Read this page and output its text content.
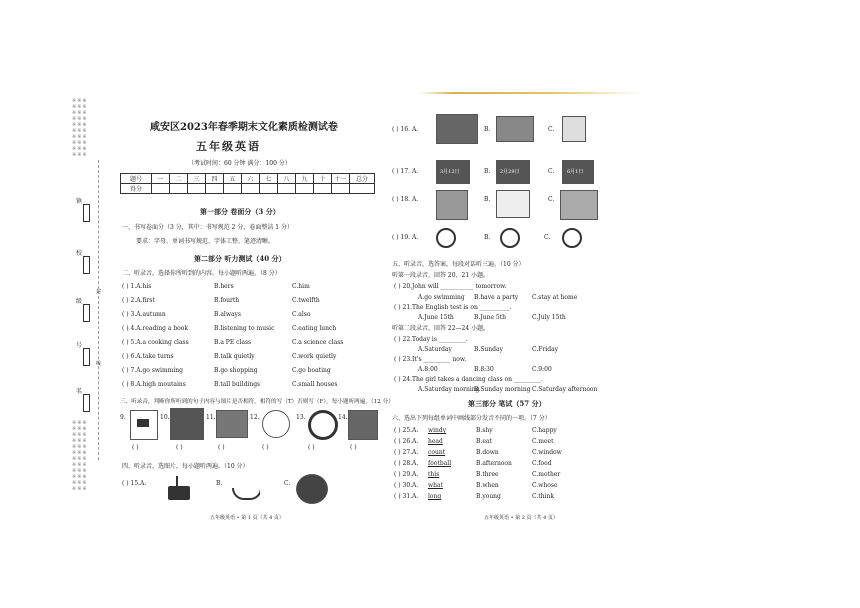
※※※
※※※
※※※
※※※
※※※
※※※
※※※
※※※
※※※
※※※
※※※
※※※
※※※
※※※
※※※
※※※
※※※
※※※
※※※
※※※
※※※
※※※
镇
校
级
号
名
封
线
咸安区2023年春季期末文化素质检测试卷
五年级英语
（考试时间：60 分钟 满分：100 分）
题号	一	二	三	四	五	六	七	八	九	十	十一	总分
得分												
第一部分 卷面分（3 分）
一、书写卷面分（3 分，其中：书写规范 2 分，卷面整洁 1 分）
要求：字母、单词书写规范、字体工整、笔迹清晰。
第二部分 听力测试（40 分）
二、听录音，选择你所听到的内容。每小题听两遍。（8 分）
( ) 1.A.his	B.hers	C.him
( ) 2.A.first	B.fourth	C.twelfth
( ) 3.A.autumn	B.always	C.also
( ) 4.A.reading a book	B.listening to music	C.eating lunch
( ) 5.A.a cooking class	B.a PE class	C.a science class
( ) 6.A.take turns	B.talk quietly	C.work quietly
( ) 7.A.go swimming	B.go shopping	C.go boating
( ) 8.A.high moutains	B.tall buildings	C.small houses
三、听录音，判断你所听到的句子内容与图片是否相符。相符的写（T）否则写（F）。每小题听两遍。（12 分）
9.	10.	11.	12.	13.	14.
( )	( )	( )	( )	( )	( )
四、听录音，选图片，每小题听两遍。（10 分）
( ) 15.A.	B.	C.
五年级英语 • 第 1 页（共 4 页）
( ) 16. A.	B.	C.
( ) 17. A.	3月12日	B. 2月29日	C.	6月1日
( ) 18. A.	B.	C.
( ) 19. A.	B.	C.
五、听录音，选答案，每段对话听三遍。（10 分）
听第一段录音，回答 20、21 小题。
( ) 20.John will ___________ tomorrow.
A.go swimming B.have a party C.stay at home
( ) 21.The English test is on __________.
A.June 15th	B.June 5th	C.July 15th
听第二段录音，回答 22—24 小题。
( ) 22.Today is _________.
A.Saturday	B.Sunday	C.Friday
( ) 23.It's _________ now.
A.8:00	B.8:30	C.9:00
( ) 24.The girl takes a dancing class on _________.
A.Saturday morning
B.Sunday morning C.Saturday afternoon
第三部分 笔试（57 分）
六、选出下列每组单词中画线部分发音不同的一项。（7 分）
( ) 25.A. windy	B.shy	C.happy
( ) 26.A. head	B.eat	C.meet
( ) 27.A. count	B.down	C.window
( ) 28.A. football	B.afternoon	C.food
( ) 29.A. this	B.three	C.mother
( ) 30.A. what	B.when	C.whose
( ) 31.A. long	B.young	C.think
五年级英语 • 第 2 页（共 4 页）
